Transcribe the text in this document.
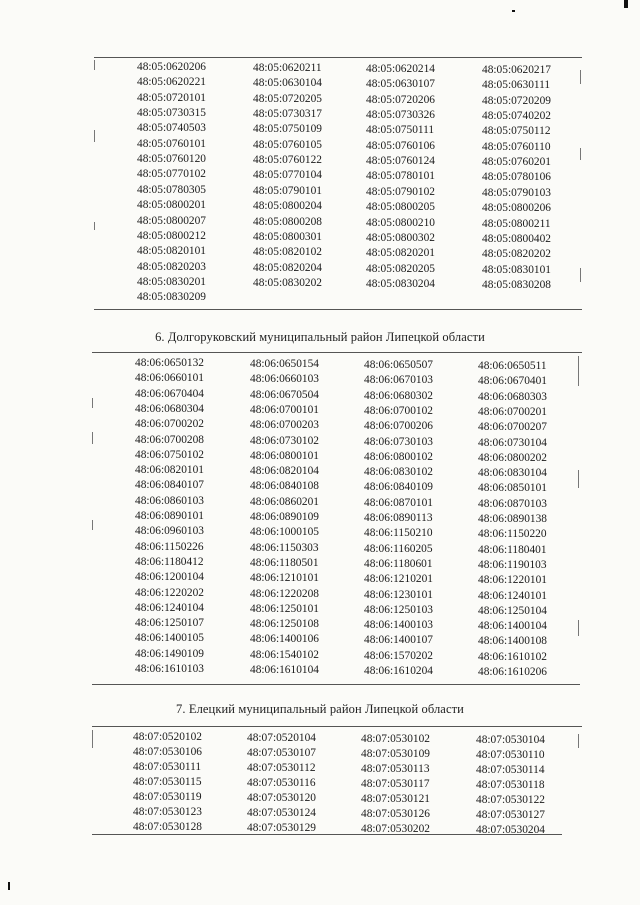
48:05:0620206	48:05:0620211	48:05:0620214	48:05:0620217
48:05:0620221	48:05:0630104	48:05:0630107	48:05:0630111
48:05:0720101	48:05:0720205	48:05:0720206	48:05:0720209
48:05:0730315	48:05:0730317	48:05:0730326	48:05:0740202
48:05:0740503	48:05:0750109	48:05:0750111	48:05:0750112
48:05:0760101	48:05:0760105	48:05:0760106	48:05:0760110
48:05:0760120	48:05:0760122	48:05:0760124	48:05:0760201
48:05:0770102	48:05:0770104	48:05:0780101	48:05:0780106
48:05:0780305	48:05:0790101	48:05:0790102	48:05:0790103
48:05:0800201	48:05:0800204	48:05:0800205	48:05:0800206
48:05:0800207	48:05:0800208	48:05:0800210	48:05:0800211
48:05:0800212	48:05:0800301	48:05:0800302	48:05:0800402
48:05:0820101	48:05:0820102	48:05:0820201	48:05:0820202
48:05:0820203	48:05:0820204	48:05:0820205	48:05:0830101
48:05:0830201	48:05:0830202	48:05:0830204	48:05:0830208
48:05:0830209
6. Долгоруковский муниципальный район Липецкой области
48:06:0650132	48:06:0650154	48:06:0650507	48:06:0650511
48:06:0660101	48:06:0660103	48:06:0670103	48:06:0670401
48:06:0670404	48:06:0670504	48:06:0680302	48:06:0680303
48:06:0680304	48:06:0700101	48:06:0700102	48:06:0700201
48:06:0700202	48:06:0700203	48:06:0700206	48:06:0700207
48:06:0700208	48:06:0730102	48:06:0730103	48:06:0730104
48:06:0750102	48:06:0800101	48:06:0800102	48:06:0800202
48:06:0820101	48:06:0820104	48:06:0830102	48:06:0830104
48:06:0840107	48:06:0840108	48:06:0840109	48:06:0850101
48:06:0860103	48:06:0860201	48:06:0870101	48:06:0870103
48:06:0890101	48:06:0890109	48:06:0890113	48:06:0890138
48:06:0960103	48:06:1000105	48:06:1150210	48:06:1150220
48:06:1150226	48:06:1150303	48:06:1160205	48:06:1180401
48:06:1180412	48:06:1180501	48:06:1180601	48:06:1190103
48:06:1200104	48:06:1210101	48:06:1210201	48:06:1220101
48:06:1220202	48:06:1220208	48:06:1230101	48:06:1240101
48:06:1240104	48:06:1250101	48:06:1250103	48:06:1250104
48:06:1250107	48:06:1250108	48:06:1400103	48:06:1400104
48:06:1400105	48:06:1400106	48:06:1400107	48:06:1400108
48:06:1490109	48:06:1540102	48:06:1570202	48:06:1610102
48:06:1610103	48:06:1610104	48:06:1610204	48:06:1610206
7. Елецкий муниципальный район Липецкой области
48:07:0520102	48:07:0520104	48:07:0530102	48:07:0530104
48:07:0530106	48:07:0530107	48:07:0530109	48:07:0530110
48:07:0530111	48:07:0530112	48:07:0530113	48:07:0530114
48:07:0530115	48:07:0530116	48:07:0530117	48:07:0530118
48:07:0530119	48:07:0530120	48:07:0530121	48:07:0530122
48:07:0530123	48:07:0530124	48:07:0530126	48:07:0530127
48:07:0530128	48:07:0530129	48:07:0530202	48:07:0530204
